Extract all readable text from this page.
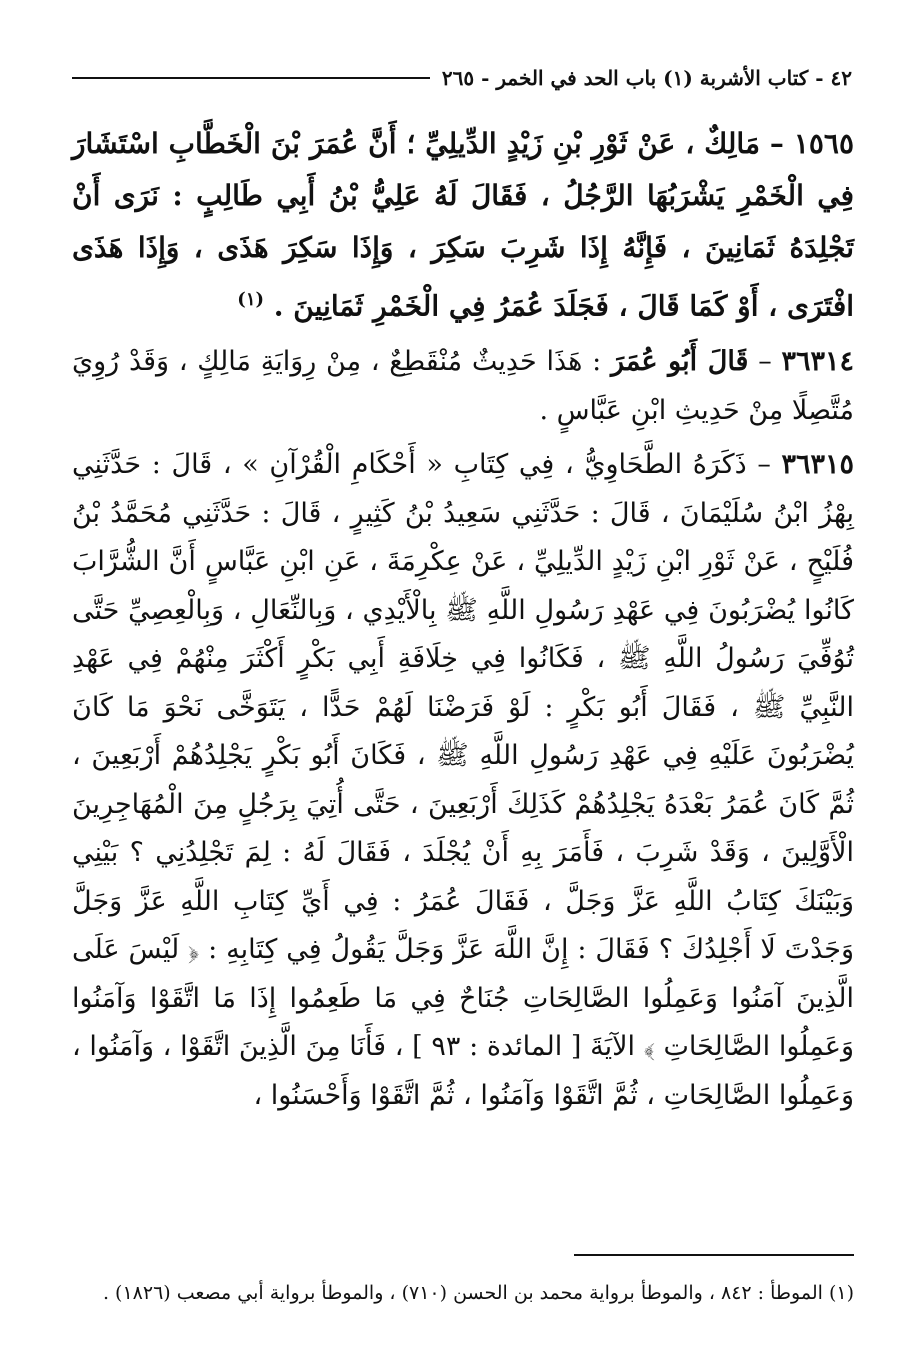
٤٢ - كتاب الأشربة (١) باب الحد في الخمر - ٢٦٥

١٥٦٥ – مَالِكٌ ، عَنْ ثَوْرِ بْنِ زَيْدٍ الدِّيلِيِّ ؛ أَنَّ عُمَرَ بْنَ الْخَطَّابِ اسْتَشَارَ فِي الْخَمْرِ يَشْرَبُهَا الرَّجُلُ ، فَقَالَ لَهُ عَلِيُّ بْنُ أَبِي طَالِبٍ : نَرَى أَنْ تَجْلِدَهُ ثَمَانِينَ ، فَإِنَّهُ إِذَا شَرِبَ سَكِرَ ، وَإِذَا سَكِرَ هَذَى ، وَإِذَا هَذَى افْتَرَى ، أَوْ كَمَا قَالَ ، فَجَلَدَ عُمَرُ فِي الْخَمْرِ ثَمَانِينَ . $^{(١)}$

٣٦٣١٤ – قَالَ أَبُو عُمَرَ : هَذَا حَدِيثٌ مُنْقَطِعٌ ، مِنْ رِوَايَةِ مَالِكٍ ، وَقَدْ رُوِيَ مُتَّصِلًا مِنْ حَدِيثِ ابْنِ عَبَّاسٍ .

٣٦٣١٥ – ذَكَرَهُ الطَّحَاوِيُّ ، فِي كِتَابِ « أَحْكَامِ الْقُرْآنِ » ، قَالَ : حَدَّثَنِي بِهْزُ ابْنُ سُلَيْمَانَ ، قَالَ : حَدَّثَنِي سَعِيدُ بْنُ كَثِيرٍ ، قَالَ : حَدَّثَنِي مُحَمَّدُ بْنُ فُلَيْحٍ ، عَنْ ثَوْرِ ابْنِ زَيْدٍ الدِّيلِيِّ ، عَنْ عِكْرِمَةَ ، عَنِ ابْنِ عَبَّاسٍ أَنَّ الشُّرَّابَ كَانُوا يُضْرَبُونَ فِي عَهْدِ رَسُولِ اللَّهِ ﷺ بِالْأَيْدِي ، وَبِالنِّعَالِ ، وَبِالْعِصِيِّ حَتَّى تُوُفِّيَ رَسُولُ اللَّهِ ﷺ ، فَكَانُوا فِي خِلَافَةِ أَبِي بَكْرٍ أَكْثَرَ مِنْهُمْ فِي عَهْدِ النَّبِيِّ ﷺ ، فَقَالَ أَبُو بَكْرٍ : لَوْ فَرَضْنَا لَهُمْ حَدًّا ، يَتَوَخَّى نَحْوَ مَا كَانَ يُضْرَبُونَ عَلَيْهِ فِي عَهْدِ رَسُولِ اللَّهِ ﷺ ، فَكَانَ أَبُو بَكْرٍ يَجْلِدُهُمْ أَرْبَعِينَ ، ثُمَّ كَانَ عُمَرُ بَعْدَهُ يَجْلِدُهُمْ كَذَلِكَ أَرْبَعِينَ ، حَتَّى أُتِيَ بِرَجُلٍ مِنَ الْمُهَاجِرِينَ الْأَوَّلِينَ ، وَقَدْ شَرِبَ ، فَأَمَرَ بِهِ أَنْ يُجْلَدَ ، فَقَالَ لَهُ : لِمَ تَجْلِدُنِي ؟ بَيْنِي وَبَيْنَكَ كِتَابُ اللَّهِ عَزَّ وَجَلَّ ، فَقَالَ عُمَرُ : فِي أَيِّ كِتَابِ اللَّهِ عَزَّ وَجَلَّ وَجَدْتَ لَا أَجْلِدُكَ ؟ فَقَالَ : إِنَّ اللَّهَ عَزَّ وَجَلَّ يَقُولُ فِي كِتَابِهِ : ﴿ لَيْسَ عَلَى الَّذِينَ آمَنُوا وَعَمِلُوا الصَّالِحَاتِ جُنَاحٌ فِي مَا طَعِمُوا إِذَا مَا اتَّقَوْا وَآمَنُوا وَعَمِلُوا الصَّالِحَاتِ ﴾ الآيَةَ [ المائدة : ٩٣ ] ، فَأَنَا مِنَ الَّذِينَ اتَّقَوْا ، وَآمَنُوا ، وَعَمِلُوا الصَّالِحَاتِ ، ثُمَّ اتَّقَوْا وَآمَنُوا ، ثُمَّ اتَّقَوْا وَأَحْسَنُوا ،

(١) الموطأ : ٨٤٢ ، والموطأ برواية محمد بن الحسن (٧١٠) ، والموطأ برواية أبي مصعب (١٨٢٦) .
